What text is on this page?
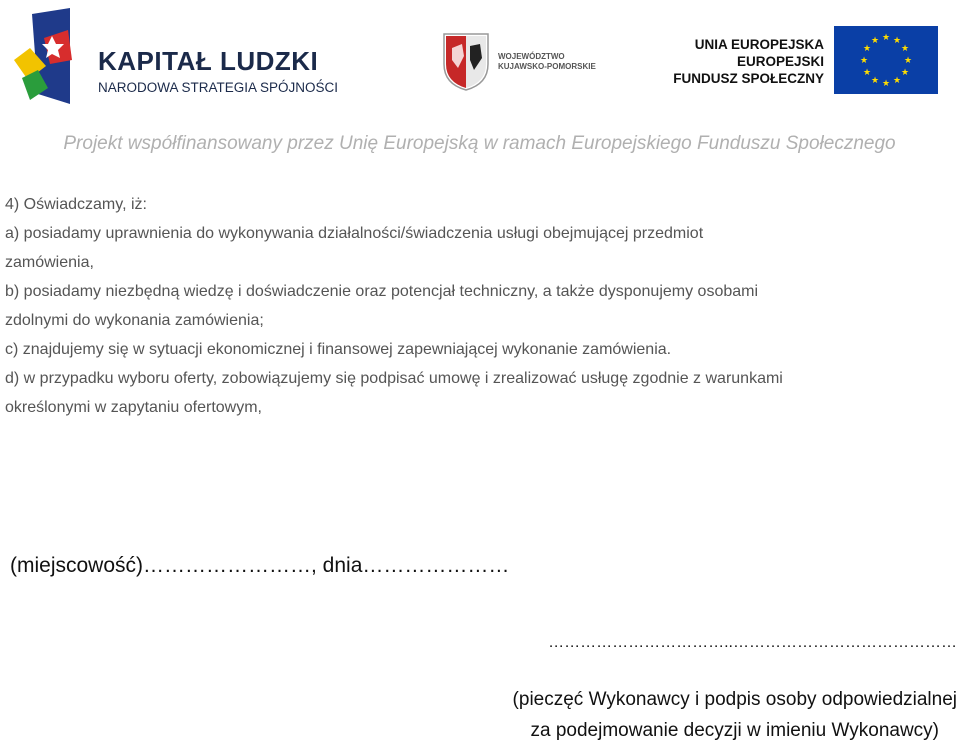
KAPITAŁ LUDZKI
NARODOWA STRATEGIA SPÓJNOŚCI
WOJEWÓDZTWO
KUJAWSKO-POMORSKIE
UNIA EUROPEJSKA
EUROPEJSKI
FUNDUSZ SPOŁECZNY
★ ★
★
★
★
★
★
★
★
★
★
★
Projekt współfinansowany przez Unię Europejską w ramach Europejskiego Funduszu Społecznego
4) Oświadczamy, iż:
a) posiadamy uprawnienia do wykonywania działalności/świadczenia usługi obejmującej przedmiot
zamówienia,
b) posiadamy niezbędną wiedzę i doświadczenie oraz potencjał techniczny, a także dysponujemy osobami
zdolnymi do wykonania zamówienia;
c) znajdujemy się w sytuacji ekonomicznej i finansowej zapewniającej wykonanie zamówienia.
d) w przypadku wyboru oferty, zobowiązujemy się podpisać umowę i zrealizować usługę zgodnie z warunkami
określonymi w zapytaniu ofertowym,
(miejscowość)……………………, dnia…………………
……………………………..……………………………………
(pieczęć Wykonawcy i podpis osoby odpowiedzialnej
za podejmowanie decyzji w imieniu Wykonawcy)
